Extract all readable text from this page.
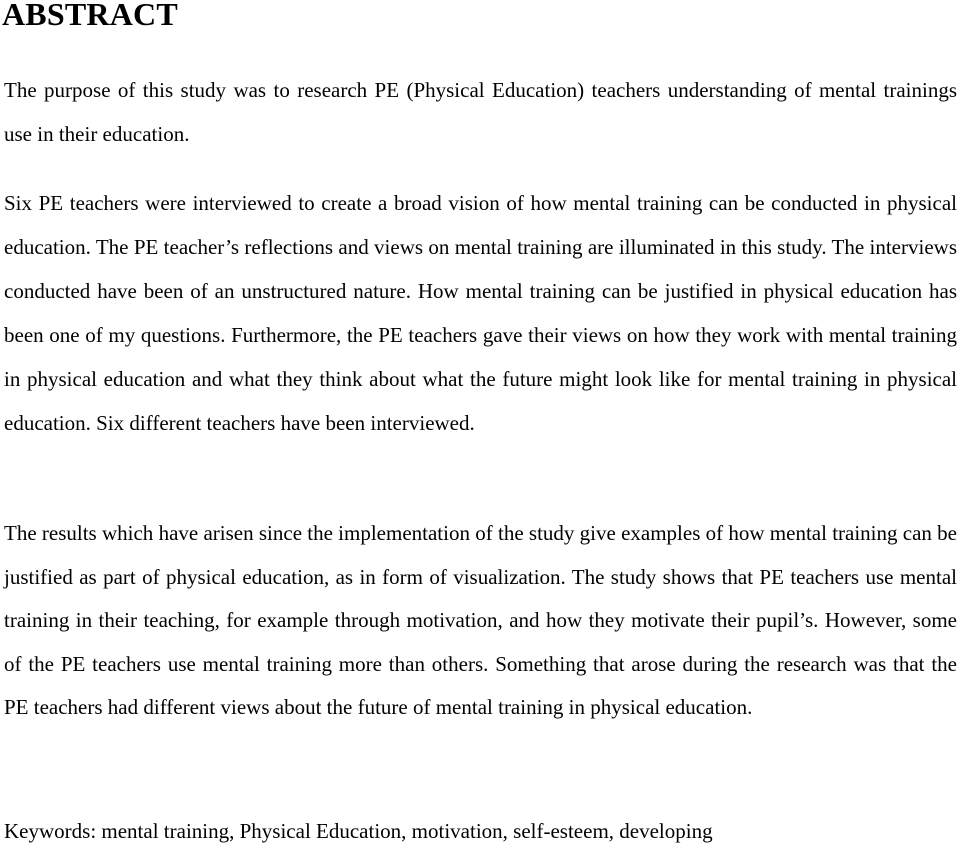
ABSTRACT

The purpose of this study was to research PE (Physical Education) teachers understanding of mental trainings use in their education.

Six PE teachers were interviewed to create a broad vision of how mental training can be conducted in physical education. The PE teacher’s reflections and views on mental training are illuminated in this study. The interviews conducted have been of an unstructured nature. How mental training can be justified in physical education has been one of my questions. Furthermore, the PE teachers gave their views on how they work with mental training in physical education and what they think about what the future might look like for mental training in physical education. Six different teachers have been interviewed.

The results which have arisen since the implementation of the study give examples of how mental training can be justified as part of physical education, as in form of visualization. The study shows that PE teachers use mental training in their teaching, for example through motivation, and how they motivate their pupil’s. However, some of the PE teachers use mental training more than others. Something that arose during the research was that the PE teachers had different views about the future of mental training in physical education.

Keywords: mental training, Physical Education, motivation, self-esteem, developing
